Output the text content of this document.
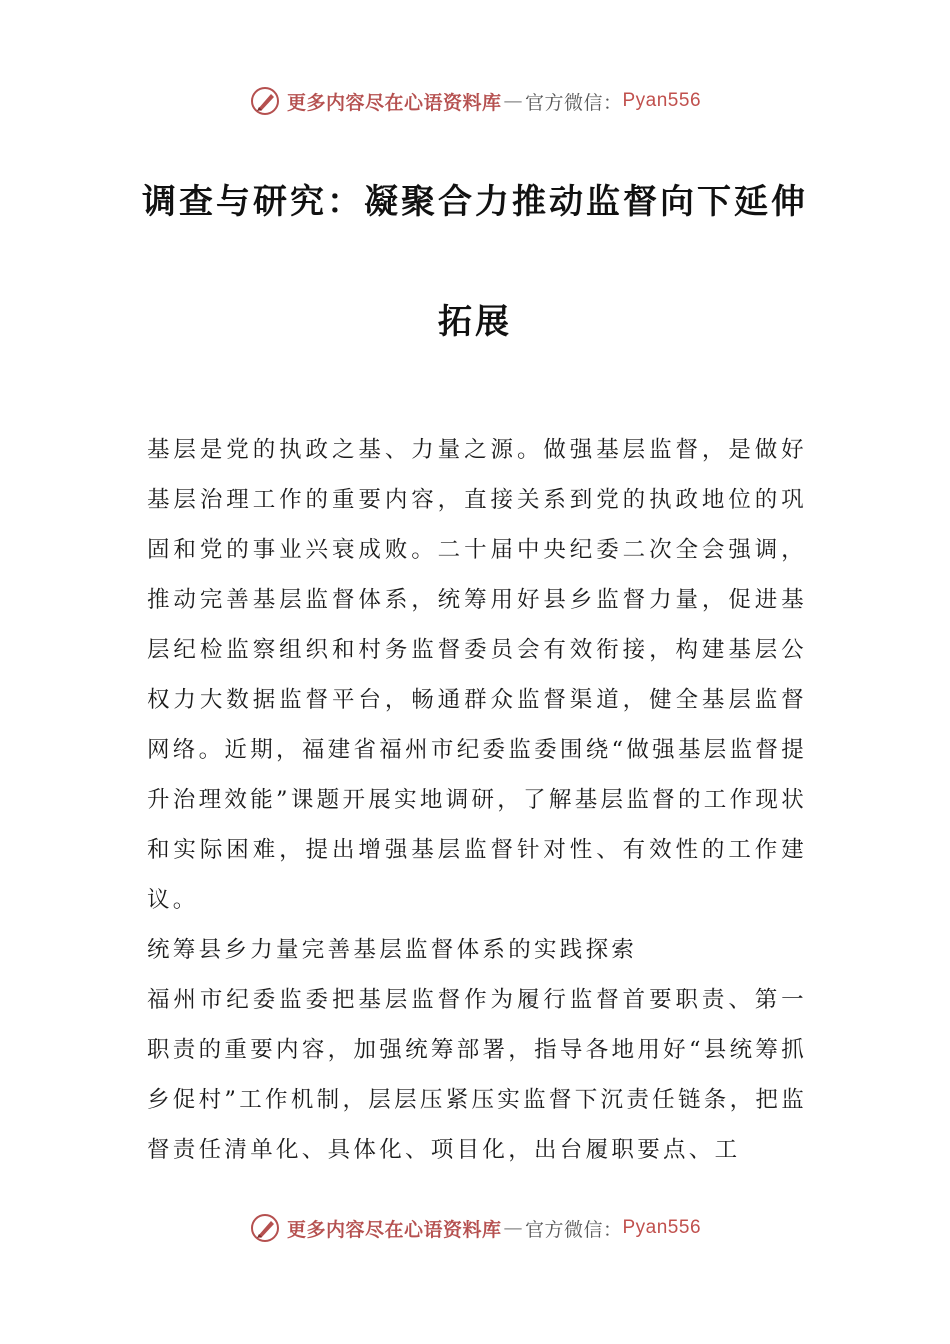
更多内容尽在心语资料库 — 官方微信： Pyan556
调查与研究：凝聚合力推动监督向下延伸
拓展

基层是党的执政之基、力量之源。做强基层监督，是做好基层治理工作的重要内容，直接关系到党的执政地位的巩固和党的事业兴衰成败。二十届中央纪委二次全会强调，推动完善基层监督体系，统筹用好县乡监督力量，促进基层纪检监察组织和村务监督委员会有效衔接，构建基层公权力大数据监督平台，畅通群众监督渠道，健全基层监督网络。近期，福建省福州市纪委监委围绕“做强基层监督提升治理效能”课题开展实地调研，了解基层监督的工作现状和实际困难，提出增强基层监督针对性、有效性的工作建议。

统筹县乡力量完善基层监督体系的实践探索

福州市纪委监委把基层监督作为履行监督首要职责、第一职责的重要内容，加强统筹部署，指导各地用好“县统筹抓乡促村”工作机制，层层压紧压实监督下沉责任链条，把监督责任清单化、具体化、项目化，出台履职要点、工

更多内容尽在心语资料库 — 官方微信： Pyan556
